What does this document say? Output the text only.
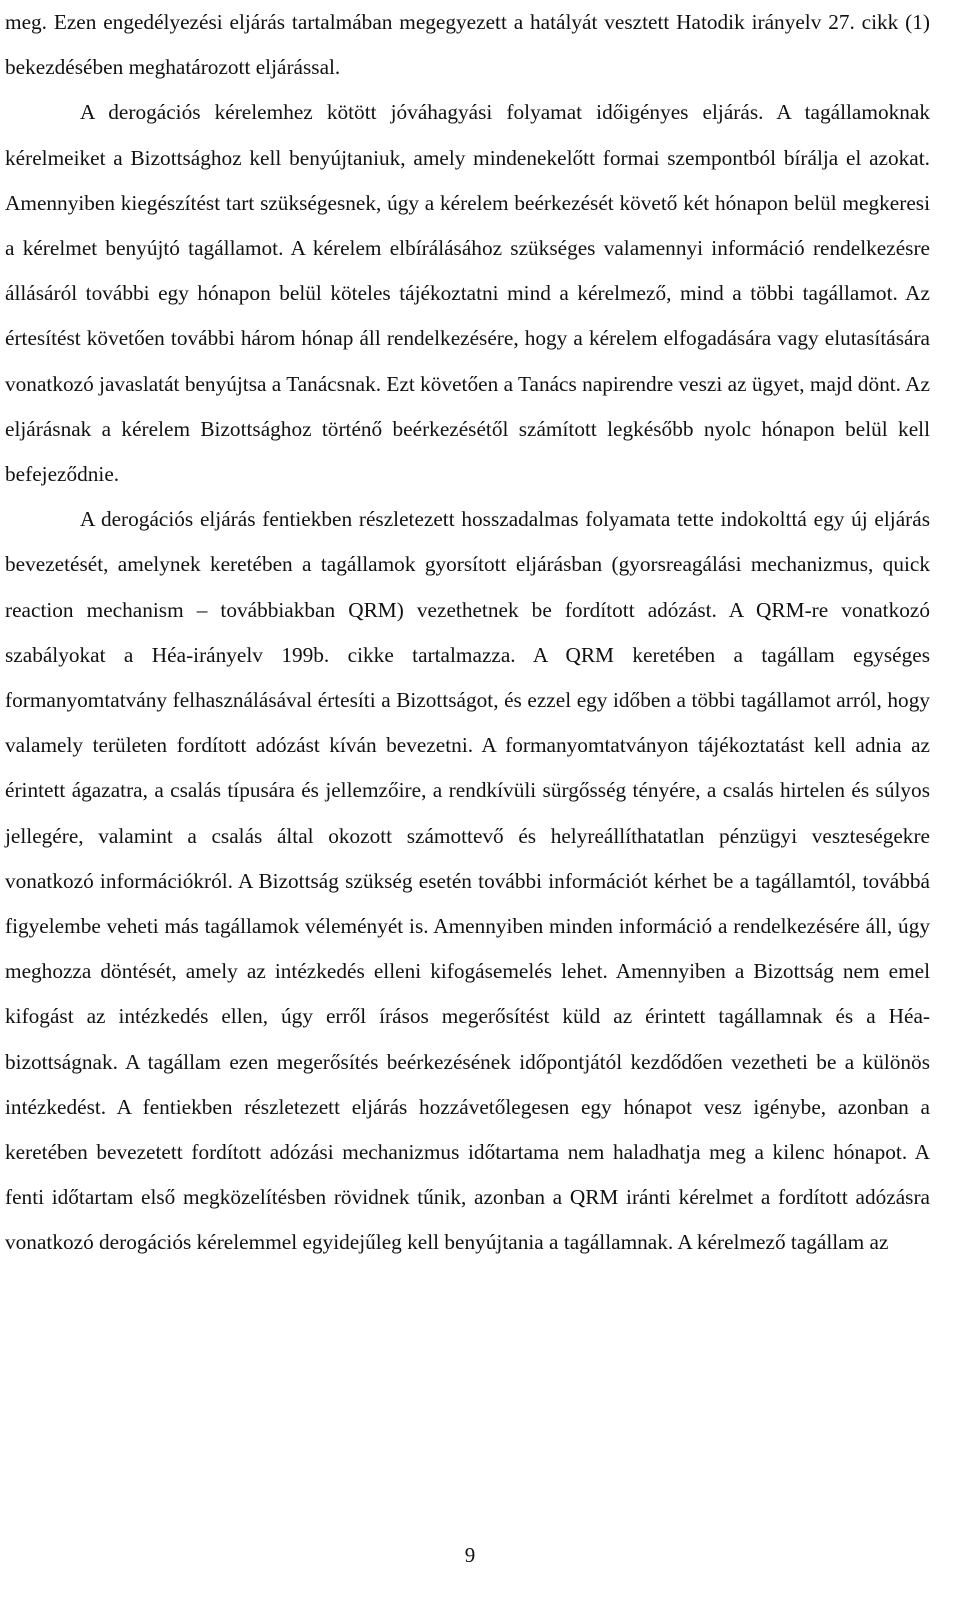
meg. Ezen engedélyezési eljárás tartalmában megegyezett a hatályát vesztett Hatodik irányelv 27. cikk (1) bekezdésében meghatározott eljárással.

A derogációs kérelemhez kötött jóváhagyási folyamat időigényes eljárás. A tagállamoknak kérelmeiket a Bizottsághoz kell benyújtaniuk, amely mindenekelőtt formai szempontból bírálja el azokat. Amennyiben kiegészítést tart szükségesnek, úgy a kérelem beérkezését követő két hónapon belül megkeresi a kérelmet benyújtó tagállamot. A kérelem elbírálásához szükséges valamennyi információ rendelkezésre állásáról további egy hónapon belül köteles tájékoztatni mind a kérelmező, mind a többi tagállamot. Az értesítést követően további három hónap áll rendelkezésére, hogy a kérelem elfogadására vagy elutasítására vonatkozó javaslatát benyújtsa a Tanácsnak. Ezt követően a Tanács napirendre veszi az ügyet, majd dönt. Az eljárásnak a kérelem Bizottsághoz történő beérkezésétől számított legkésőbb nyolc hónapon belül kell befejeződnie.

A derogációs eljárás fentiekben részletezett hosszadalmas folyamata tette indokolttá egy új eljárás bevezetését, amelynek keretében a tagállamok gyorsított eljárásban (gyorsreagálási mechanizmus, quick reaction mechanism – továbbiakban QRM) vezethetnek be fordított adózást. A QRM-re vonatkozó szabályokat a Héa-irányelv 199b. cikke tartalmazza. A QRM keretében a tagállam egységes formanyomtatvány felhasználásával értesíti a Bizottságot, és ezzel egy időben a többi tagállamot arról, hogy valamely területen fordított adózást kíván bevezetni. A formanyomtatványon tájékoztatást kell adnia az érintett ágazatra, a csalás típusára és jellemzőire, a rendkívüli sürgősség tényére, a csalás hirtelen és súlyos jellegére, valamint a csalás által okozott számottevő és helyreállíthatatlan pénzügyi veszteségekre vonatkozó információkról. A Bizottság szükség esetén további információt kérhet be a tagállamtól, továbbá figyelembe veheti más tagállamok véleményét is. Amennyiben minden információ a rendelkezésére áll, úgy meghozza döntését, amely az intézkedés elleni kifogásemelés lehet. Amennyiben a Bizottság nem emel kifogást az intézkedés ellen, úgy erről írásos megerősítést küld az érintett tagállamnak és a Héa-bizottságnak. A tagállam ezen megerősítés beérkezésének időpontjától kezdődően vezetheti be a különös intézkedést. A fentiekben részletezett eljárás hozzávetőlegesen egy hónapot vesz igénybe, azonban a keretében bevezetett fordított adózási mechanizmus időtartama nem haladhatja meg a kilenc hónapot. A fenti időtartam első megközelítésben rövidnek tűnik, azonban a QRM iránti kérelmet a fordított adózásra vonatkozó derogációs kérelemmel egyidejűleg kell benyújtania a tagállamnak. A kérelmező tagállam az

9
